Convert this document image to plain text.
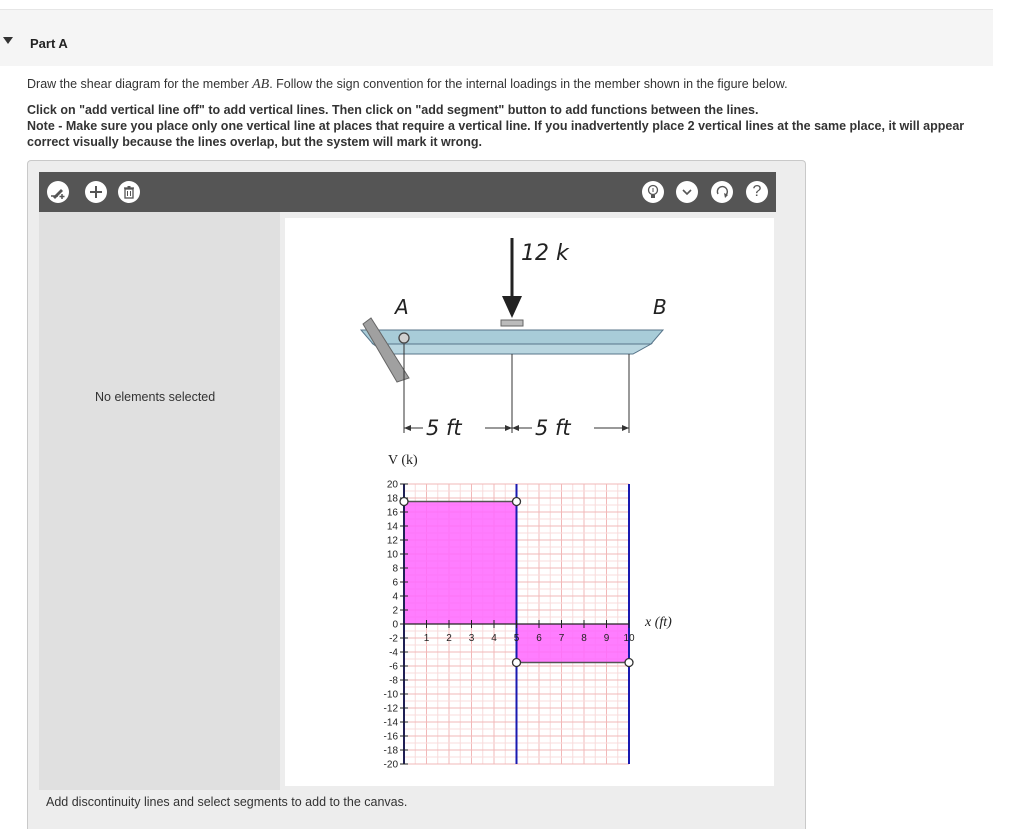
Part A
Draw the shear diagram for the member AB. Follow the sign convention for the internal loadings in the member shown in the figure below.
Click on "add vertical line off" to add vertical lines. Then click on "add segment" button to add functions between the lines.
Note - Make sure you place only one vertical line at places that require a vertical line. If you inadvertently place 2 vertical lines at the same place, it will appear correct visually because the lines overlap, but the system will mark it wrong.
?
No elements selected
12 k
A	B
5 ft	5 ft
20
18
16
14
12
10
8
6
4
2
0
-2
-4
-6
-8
-10
-12
-14
-16
-18
-20
1 2 3 4 5 6 7 8 9 10
V (k)
x (ft)
Add discontinuity lines and select segments to add to the canvas.
